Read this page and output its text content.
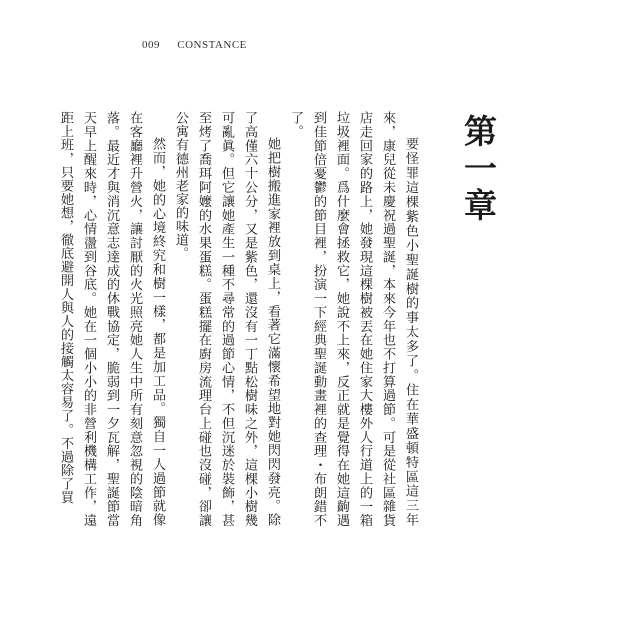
009 CONSTANCE
第一章

要怪罪這棵紫色小聖誕樹的事太多了。住在華盛頓特區這三年來，康兒從未慶祝過聖誕，本來今年也不打算過節。可是從社區雜貨店走回家的路上，她發現這棵樹被丟在她住家大樓外人行道上的一箱垃圾裡面。爲什麼會拯救它，她說不上來，反正就是覺得在她這齣遇到佳節倍憂鬱的節目裡，扮演一下經典聖誕動畫裡的查理・布朗錯不了。

她把樹搬進家裡放到桌上，看著它滿懷希望地對她閃閃發亮。除了高僅六十公分，又是紫色，還沒有一丁點松樹味之外，這棵小樹幾可亂眞。但它讓她產生一種不尋常的過節心情，不但沉迷於裝飾，甚至烤了喬珥阿嬤的水果蛋糕。蛋糕擺在廚房流理台上碰也沒碰，卻讓公寓有德州老家的味道。

然而，她的心境終究和樹一樣，都是加工品。獨自一人過節就像在客廳裡升營火，讓討厭的火光照亮她人生中所有刻意忽視的陰暗角落。最近才與消沉意志達成的休戰協定，脆弱到一夕瓦解，聖誕節當天早上醒來時，心情盪到谷底。她在一個小小的非營利機構工作，遠距上班，只要她想，徹底避開人與人的接觸太容易了。不過除了買
